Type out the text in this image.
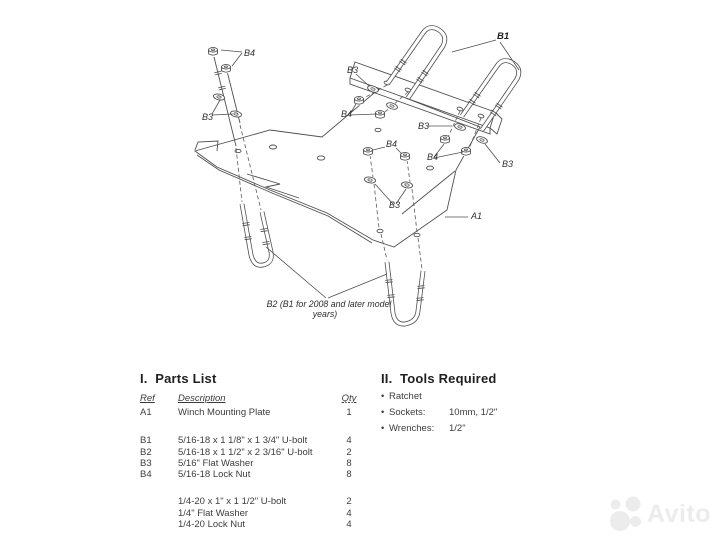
B4
B3
B1
B3
B4
B3
B4
B4
B3
B3
A1
B2 (B1 for 2008 and later model
years)
I.  Parts List
Ref	Description	Qty
A1	Winch Mounting Plate	1
B1	5/16-18 x 1 1/8" x 1 3/4" U-bolt	4
B2	5/16-18 x 1 1/2" x 2 3/16" U-bolt	2
B3	5/16" Flat Washer	8
B4	5/16-18 Lock Nut	8
1/4-20 x 1" x 1 1/2" U-bolt	2
1/4" Flat Washer	4
1/4-20 Lock Nut	4
II.  Tools Required
• Ratchet
• Sockets:	10mm, 1/2"
• Wrenches:	1/2"
Avito
